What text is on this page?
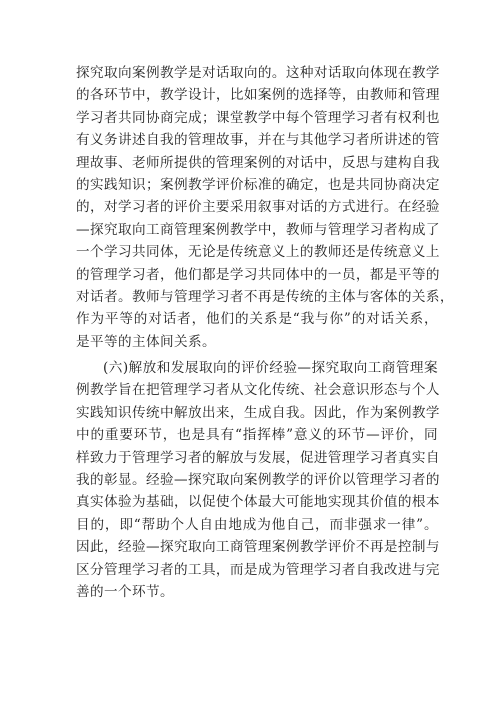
探究取向案例教学是对话取向的。这种对话取向体现在教学
的各环节中，教学设计，比如案例的选择等，由教师和管理
学习者共同协商完成；课堂教学中每个管理学习者有权利也
有义务讲述自我的管理故事，并在与其他学习者所讲述的管
理故事、老师所提供的管理案例的对话中，反思与建构自我
的实践知识；案例教学评价标准的确定，也是共同协商决定
的，对学习者的评价主要采用叙事对话的方式进行。在经验
—探究取向工商管理案例教学中，教师与管理学习者构成了
一个学习共同体，无论是传统意义上的教师还是传统意义上
的管理学习者，他们都是学习共同体中的一员，都是平等的
对话者。教师与管理学习者不再是传统的主体与客体的关系，
作为平等的对话者，他们的关系是“我与你”的对话关系，
是平等的主体间关系。
(六)解放和发展取向的评价经验—探究取向工商管理案
例教学旨在把管理学习者从文化传统、社会意识形态与个人
实践知识传统中解放出来，生成自我。因此，作为案例教学
中的重要环节，也是具有“指挥棒”意义的环节—评价，同
样致力于管理学习者的解放与发展，促进管理学习者真实自
我的彰显。经验—探究取向案例教学的评价以管理学习者的
真实体验为基础，以促使个体最大可能地实现其价值的根本
目的，即“帮助个人自由地成为他自己，而非强求一律”。
因此，经验—探究取向工商管理案例教学评价不再是控制与
区分管理学习者的工具，而是成为管理学习者自我改进与完
善的一个环节。
